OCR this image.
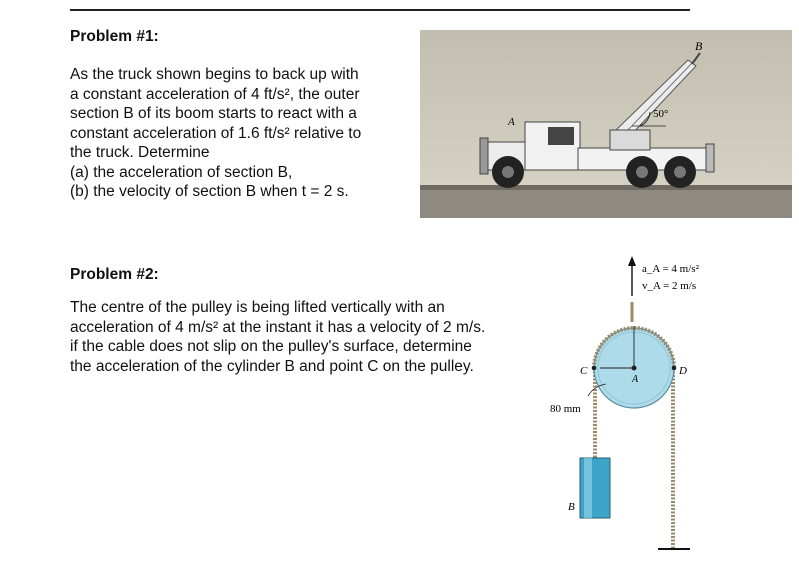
Problem #1:

As the truck shown begins to back up with
a constant acceleration of 4 ft/s², the outer
section B of its boom starts to react with a
constant acceleration of 1.6 ft/s² relative to
the truck. Determine
(a) the acceleration of section B,
(b) the velocity of section B when t = 2 s.

50°
A
B
Problem #2:

The centre of the pulley is being lifted vertically with an
acceleration of 4 m/s² at the instant it has a velocity of 2 m/s.
if the cable does not slip on the pulley's surface, determine
the acceleration of the cylinder B and point C on the pulley.

a_A = 4 m/s²
v_A = 2 m/s
C
A
D
80 mm
B
